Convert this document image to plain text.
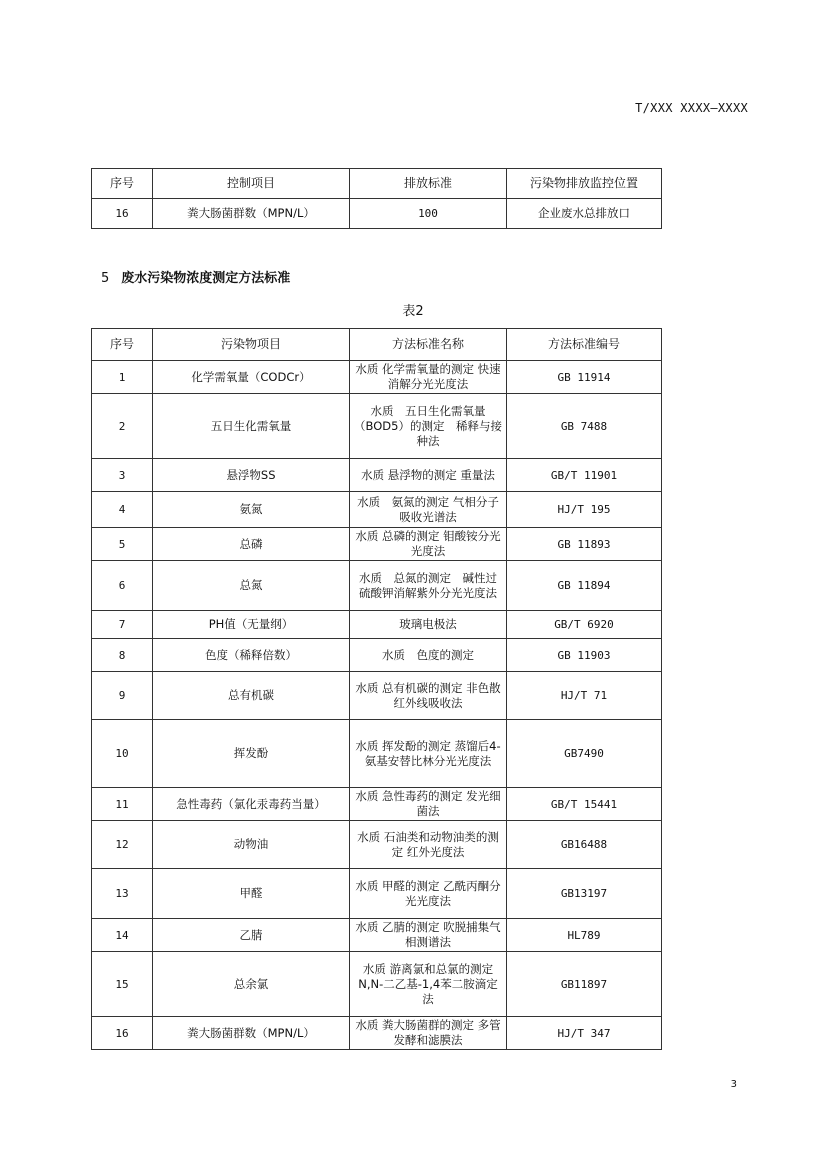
T/XXX XXXX—XXXX
序号	控制项目	排放标准	污染物排放监控位置
16	粪大肠菌群数（MPN/L）	100	企业废水总排放口
5 废水污染物浓度测定方法标准
表2
序号	污染物项目	方法标准名称	方法标准编号
1	化学需氧量（CODCr）	水质 化学需氧量的测定 快速消解分光光度法	GB 11914
2	五日生化需氧量	水质　五日生化需氧量（BOD5）的测定　稀释与接种法	GB 7488
3	悬浮物SS	水质 悬浮物的测定 重量法	GB/T 11901
4	氨氮	水质　氨氮的测定 气相分子吸收光谱法	HJ/T 195
5	总磷	水质 总磷的测定 钼酸铵分光光度法	GB 11893
6	总氮	水质　总氮的测定　碱性过硫酸钾消解紫外分光光度法	GB 11894
7	PH值（无量纲）	玻璃电极法	GB/T 6920
8	色度（稀释倍数）	水质　色度的测定	GB 11903
9	总有机碳	水质 总有机碳的测定 非色散红外线吸收法	HJ/T 71
10	挥发酚	水质 挥发酚的测定 蒸馏后4-氨基安替比林分光光度法	GB7490
11	急性毒药（氯化汞毒药当量）	水质 急性毒药的测定 发光细菌法	GB/T 15441
12	动物油	水质 石油类和动物油类的测定 红外光度法	GB16488
13	甲醛	水质 甲醛的测定 乙酰丙酮分光光度法	GB13197
14	乙腈	水质 乙腈的测定 吹脱捕集气相测谱法	HL789
15	总余氯	水质 游离氯和总氯的测定 N,N-二乙基-1,4苯二胺滴定法	GB11897
16	粪大肠菌群数（MPN/L）	水质 粪大肠菌群的测定 多管发酵和滤膜法	HJ/T 347
3
